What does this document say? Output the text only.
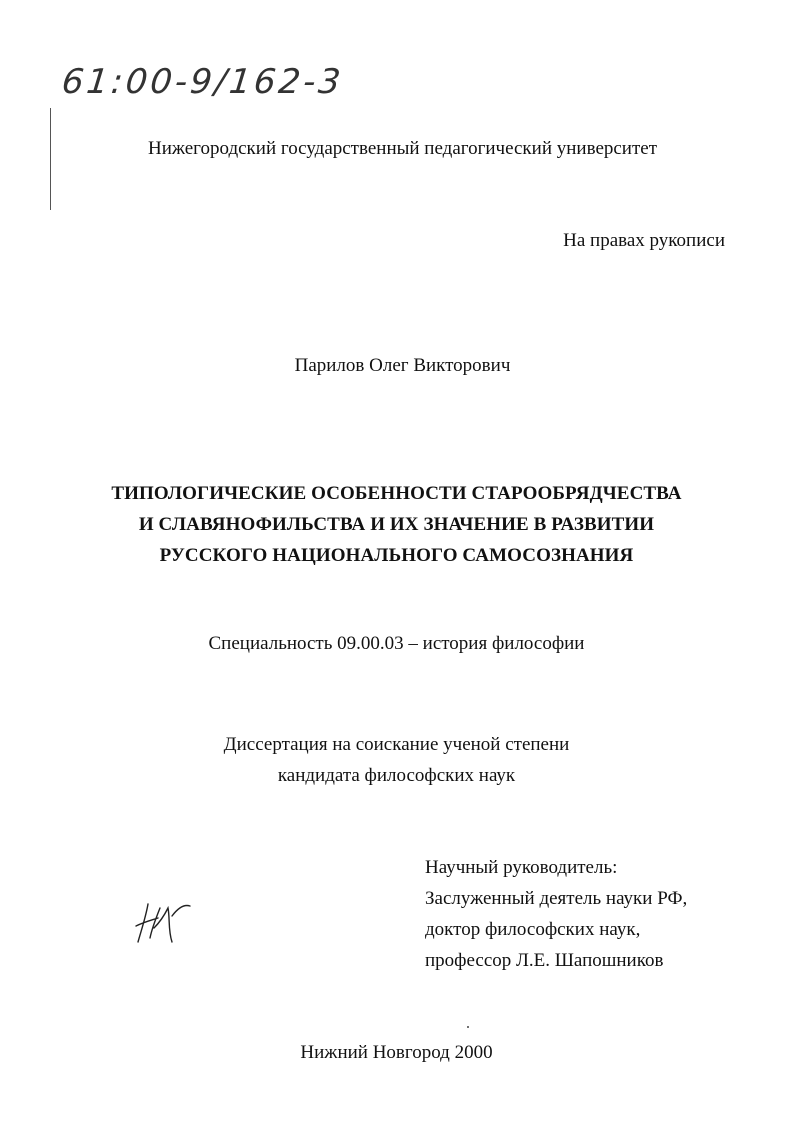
61:00-9/162-3
Нижегородский государственный педагогический университет
На правах рукописи
Парилов Олег Викторович
ТИПОЛОГИЧЕСКИЕ ОСОБЕННОСТИ СТАРООБРЯДЧЕСТВА
И СЛАВЯНОФИЛЬСТВА И ИХ ЗНАЧЕНИЕ В РАЗВИТИИ
РУССКОГО НАЦИОНАЛЬНОГО САМОСОЗНАНИЯ
Специальность 09.00.03 – история философии
Диссертация на соискание ученой степени
кандидата философских наук
Научный руководитель:
Заслуженный деятель науки РФ,
доктор философских наук,
профессор Л.Е. Шапошников
Нижний Новгород 2000
